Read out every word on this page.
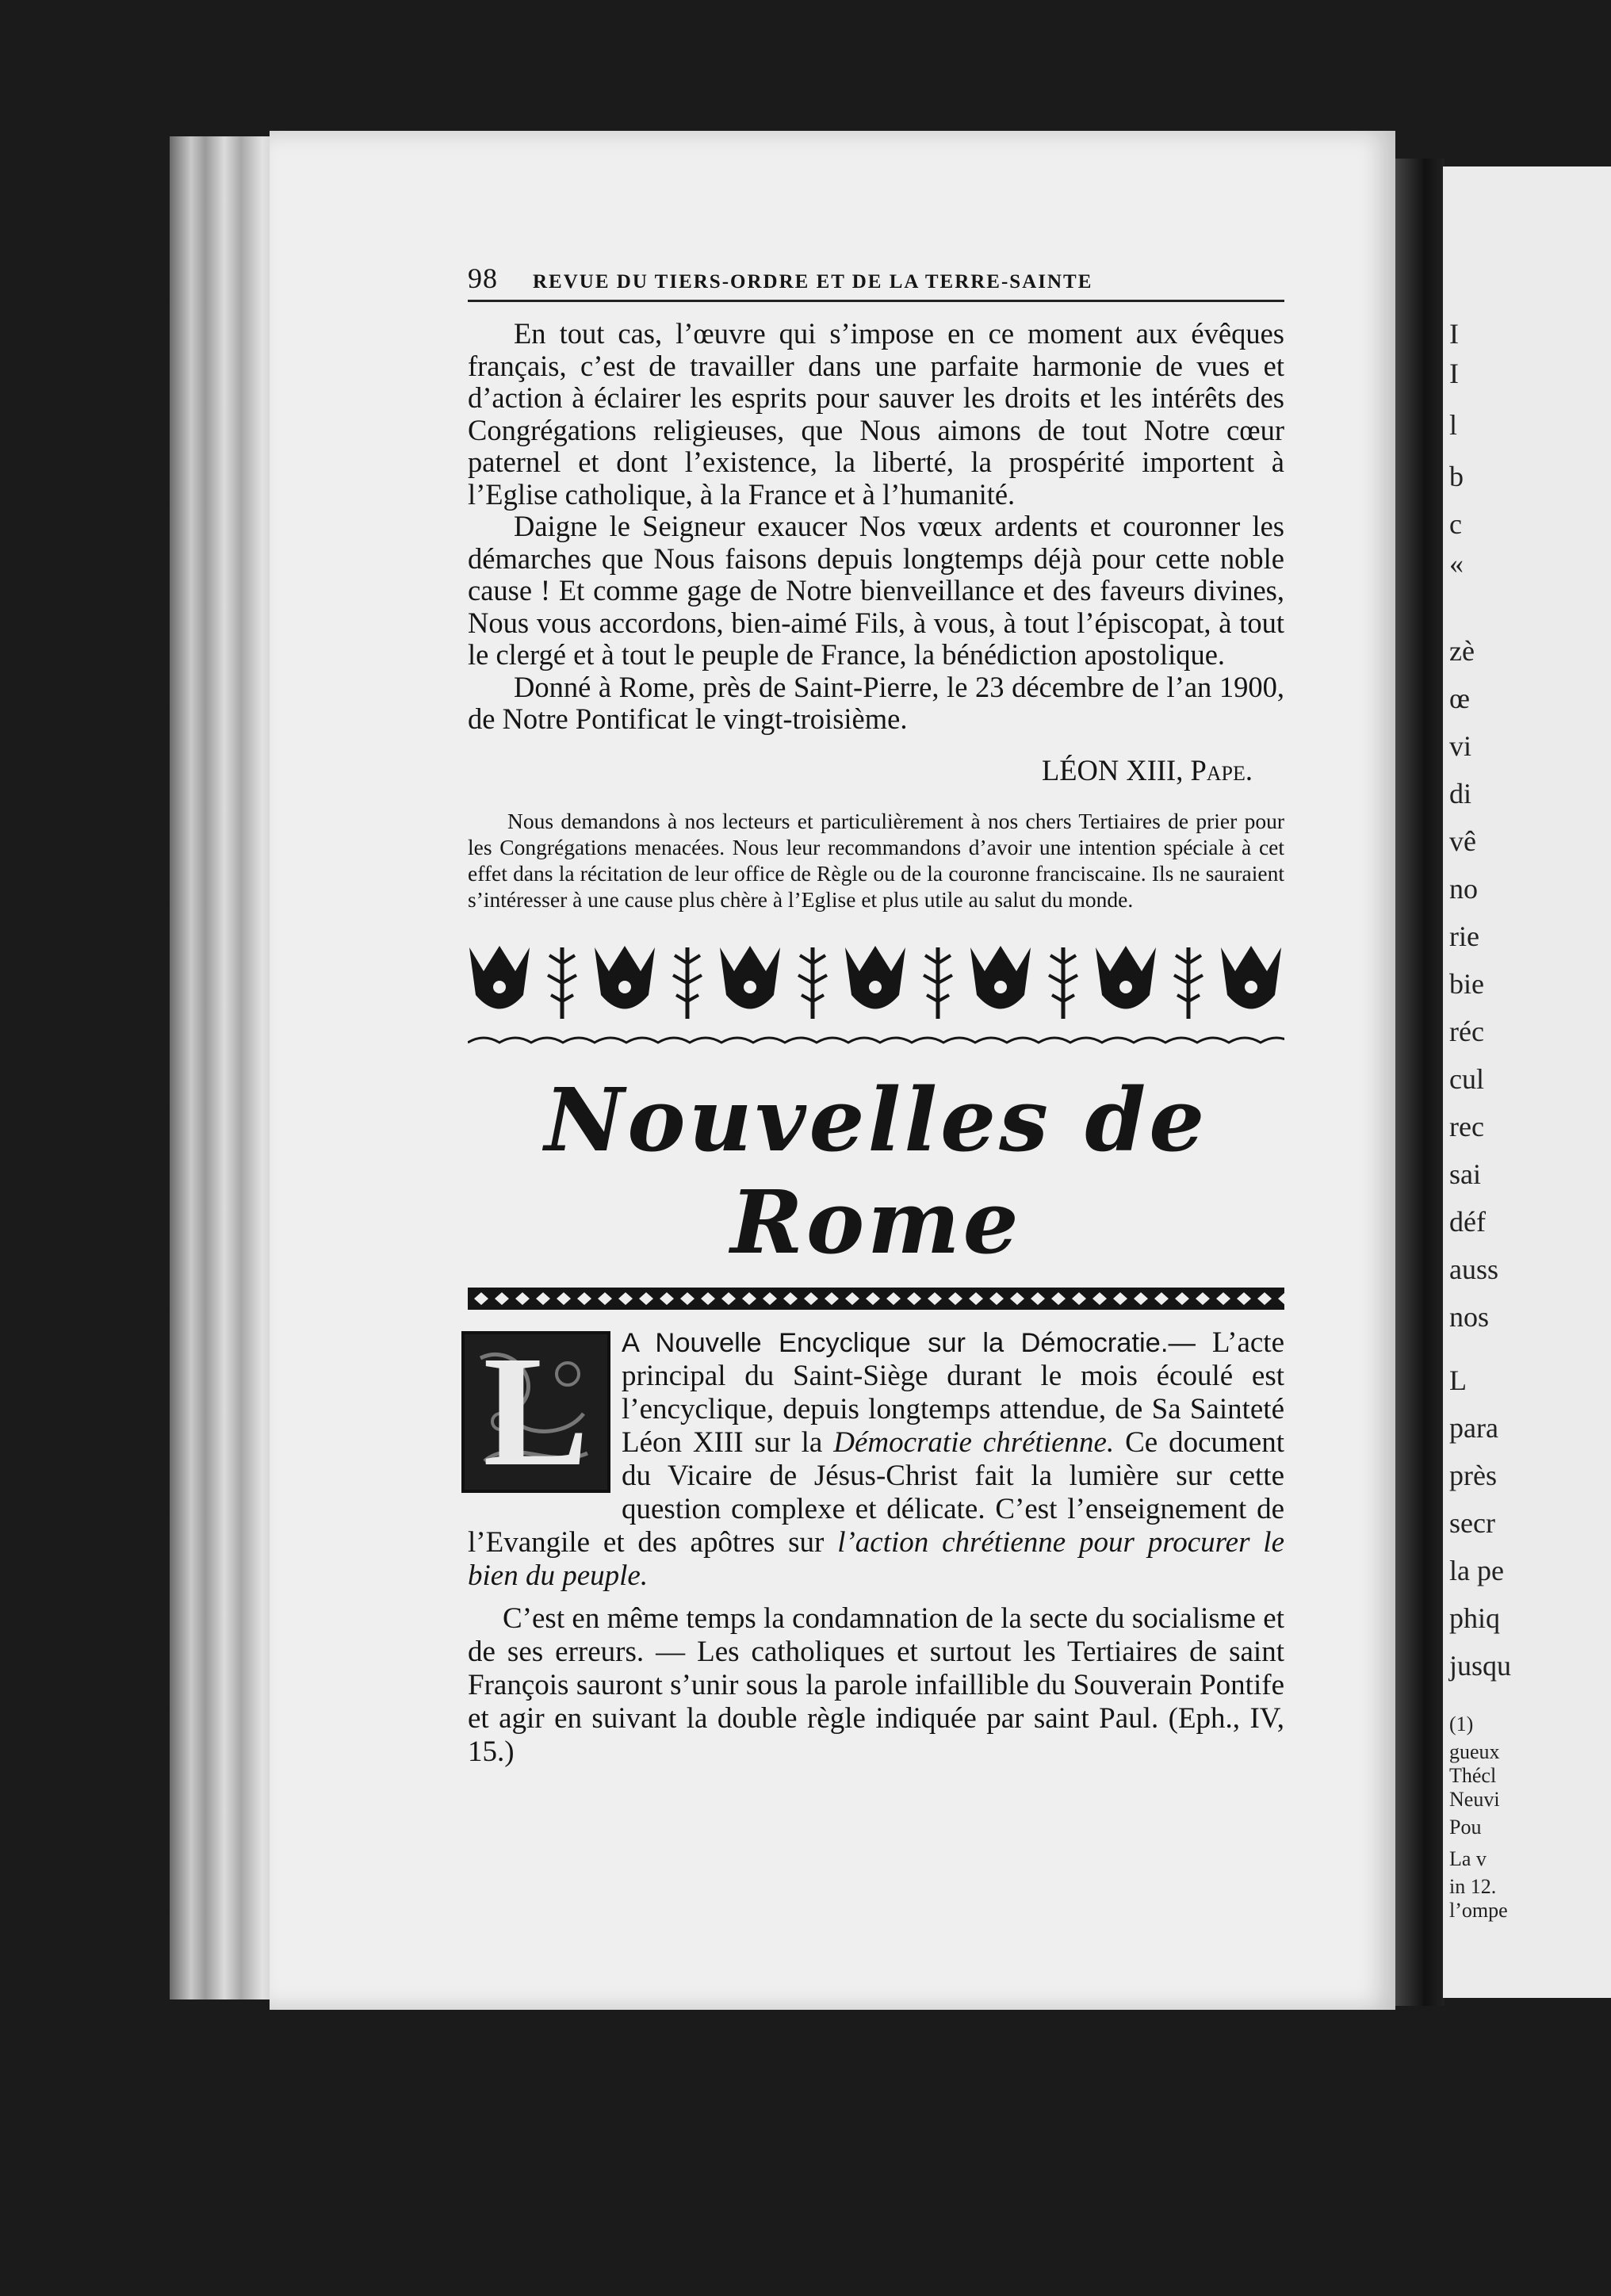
I
I
l
b
c
«
zè
œ
vi
di
vê
no
rie
bie
réc
cul
rec
sai
déf
auss
nos
L
para
près
secr
la pe
phiq
jusqu
(1)
gueux
Thécl
Neuvi
Pou
La v
in 12.
l’ompe
98 REVUE DU TIERS-ORDRE ET DE LA TERRE-SAINTE

En tout cas, l’œuvre qui s’impose en ce moment aux évêques français, c’est de travailler dans une parfaite harmonie de vues et d’action à éclairer les esprits pour sauver les droits et les intérêts des Congrégations religieuses, que Nous aimons de tout Notre cœur paternel et dont l’existence, la liberté, la prospérité importent à l’Eglise catholique, à la France et à l’humanité.

Daigne le Seigneur exaucer Nos vœux ardents et couronner les démarches que Nous faisons depuis longtemps déjà pour cette noble cause ! Et comme gage de Notre bienveillance et des faveurs divines, Nous vous accordons, bien-aimé Fils, à vous, à tout l’épiscopat, à tout le clergé et à tout le peuple de France, la bénédiction apostolique.

Donné à Rome, près de Saint-Pierre, le 23 décembre de l’an 1900, de Notre Pontificat le vingt-troisième.

LÉON XIII, Pape.

Nous demandons à nos lecteurs et particulièrement à nos chers Tertiaires de prier pour les Congrégations menacées. Nous leur recommandons d’avoir une intention spéciale à cet effet dans la récitation de leur office de Règle ou de la couronne franciscaine. Ils ne sauraient s’intéresser à une cause plus chère à l’Eglise et plus utile au salut du monde.

Nouvelles de Rome
L	A Nouvelle Encyclique sur la Démocratie.— L’acte principal du Saint-Siège durant le mois écoulé est l’encyclique, depuis longtemps attendue, de Sa Sainteté Léon XIII sur la Démocratie chrétienne. Ce document du Vicaire de Jésus-Christ fait la lumière sur cette question complexe et délicate. C’est l’enseignement de l’Evangile et des apôtres sur l’action chrétienne pour procurer le bien du peuple.

C’est en même temps la condamnation de la secte du socialisme et de ses erreurs. — Les catholiques et surtout les Tertiaires de saint François sauront s’unir sous la parole infaillible du Souverain Pontife et agir en suivant la double règle indiquée par saint Paul. (Eph., IV, 15.)
